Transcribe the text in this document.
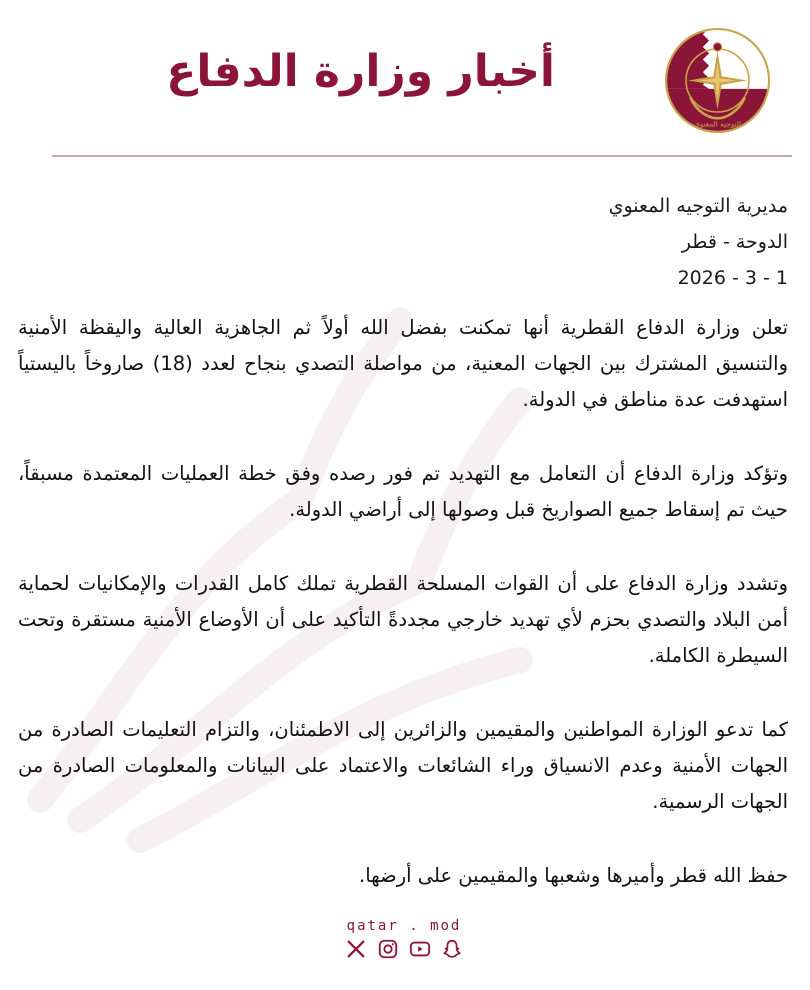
التوجيه المعنوي
أخبار وزارة الدفاع
مديرية التوجيه المعنوي
الدوحة - قطر
2026 - 3 - 1

تعلن وزارة الدفاع القطرية أنها تمكنت بفضل الله أولاً ثم الجاهزية العالية واليقظة الأمنية والتنسيق المشترك بين الجهات المعنية، من مواصلة التصدي بنجاح لعدد (18) صاروخاً باليستياً استهدفت عدة مناطق في الدولة.

وتؤكد وزارة الدفاع أن التعامل مع التهديد تم فور رصده وفق خطة العمليات المعتمدة مسبقاً، حيث تم إسقاط جميع الصواريخ قبل وصولها إلى أراضي الدولة.

وتشدد وزارة الدفاع على أن القوات المسلحة القطرية تملك كامل القدرات والإمكانيات لحماية أمن البلاد والتصدي بحزم لأي تهديد خارجي مجددةً التأكيد على أن الأوضاع الأمنية مستقرة وتحت السيطرة الكاملة.

كما تدعو الوزارة المواطنين والمقيمين والزائرين إلى الاطمئنان، والتزام التعليمات الصادرة من الجهات الأمنية وعدم الانسياق وراء الشائعات والاعتماد على البيانات والمعلومات الصادرة من الجهات الرسمية.

حفظ الله قطر وأميرها وشعبها والمقيمين على أرضها.

qatar . mod
